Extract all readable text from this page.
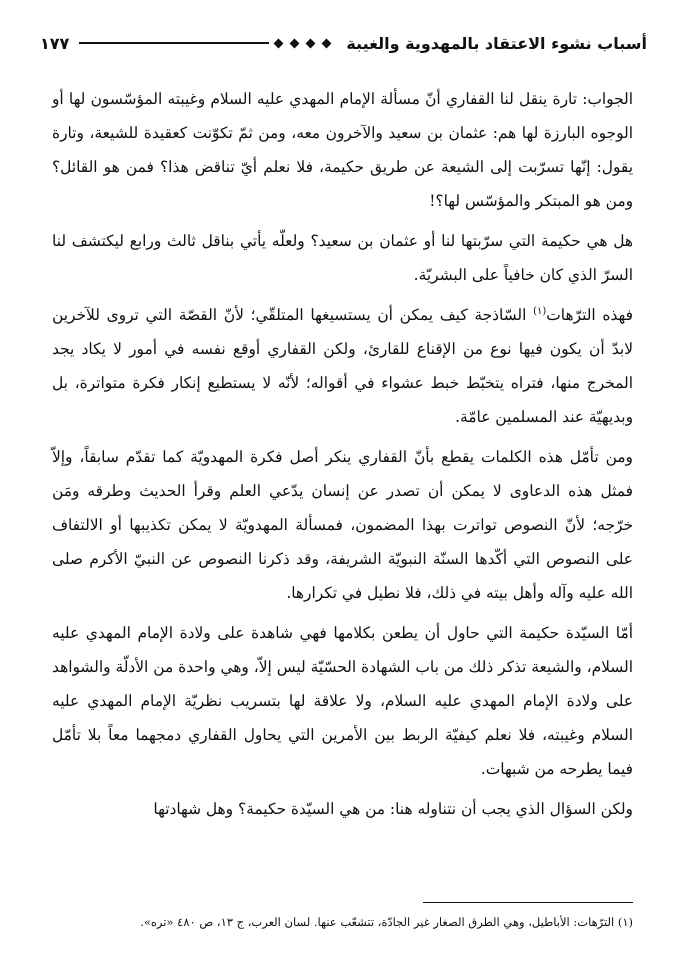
أسباب نشوء الاعتقاد بالمهدوية والغيبة
١٧٧

الجواب: تارة ينقل لنا القفاري أنّ مسألة الإمام المهدي عليه السلام وغيبته المؤسّسون لها أو الوجوه البارزة لها هم: عثمان بن سعيد والآخرون معه، ومن ثمّ تكوّنت كعقيدة للشيعة، وتارة يقول: إنّها تسرّبت إلى الشيعة عن طريق حكيمة، فلا نعلم أيّ تناقض هذا؟ فمن هو القائل؟ ومن هو المبتكر والمؤسّس لها؟!

هل هي حكيمة التي سرّبتها لنا أو عثمان بن سعيد؟ ولعلّه يأتي بناقل ثالث ورابع ليكتشف لنا السرّ الذي كان خافياً على البشريّة.

فهذه الترّهات$^{(١)}$ السّاذجة كيف يمكن أن يستسيغها المتلقّي؛ لأنّ القصّة التي تروى للآخرين لابدّ أن يكون فيها نوع من الإقناع للقارئ، ولكن القفاري أوقع نفسه في أمور لا يكاد يجد المخرج منها، فتراه يتخبّط خبط عشواء في أقواله؛ لأنّه لا يستطيع إنكار فكرة متواترة، بل وبديهيّة عند المسلمين عامّة.

ومن تأمّل هذه الكلمات يقطع بأنّ القفاري ينكر أصل فكرة المهدويّة كما تقدّم سابقاً، وإلاّ فمثل هذه الدعاوى لا يمكن أن تصدر عن إنسان يدّعي العلم وقرأ الحديث وطرقه ومَن خرّجه؛ لأنّ النصوص تواترت بهذا المضمون، فمسألة المهدويّة لا يمكن تكذيبها أو الالتفاف على النصوص التي أكّدها السنّة النبويّة الشريفة، وقد ذكرنا النصوص عن النبيّ الأكرم صلى الله عليه وآله وأهل بيته في ذلك، فلا نطيل في تكرارها.

أمّا السيّدة حكيمة التي حاول أن يطعن بكلامها فهي شاهدة على ولادة الإمام المهدي عليه السلام، والشيعة تذكر ذلك من باب الشهادة الحسّيّة ليس إلاّ، وهي واحدة من الأدلّة والشواهد على ولادة الإمام المهدي عليه السلام، ولا علاقة لها بتسريب نظريّة الإمام المهدي عليه السلام وغيبته، فلا نعلم كيفيّة الربط بين الأمرين التي يحاول القفاري دمجهما معاً بلا تأمّل فيما يطرحه من شبهات.

ولكن السؤال الذي يجب أن نتناوله هنا: من هي السيّدة حكيمة؟ وهل شهادتها

(١) الترّهات: الأباطيل، وهي الطرق الصغار غير الجادّة، تتشعّب عنها. لسان العرب، ج ١٣، ص ٤٨٠ «تره».
